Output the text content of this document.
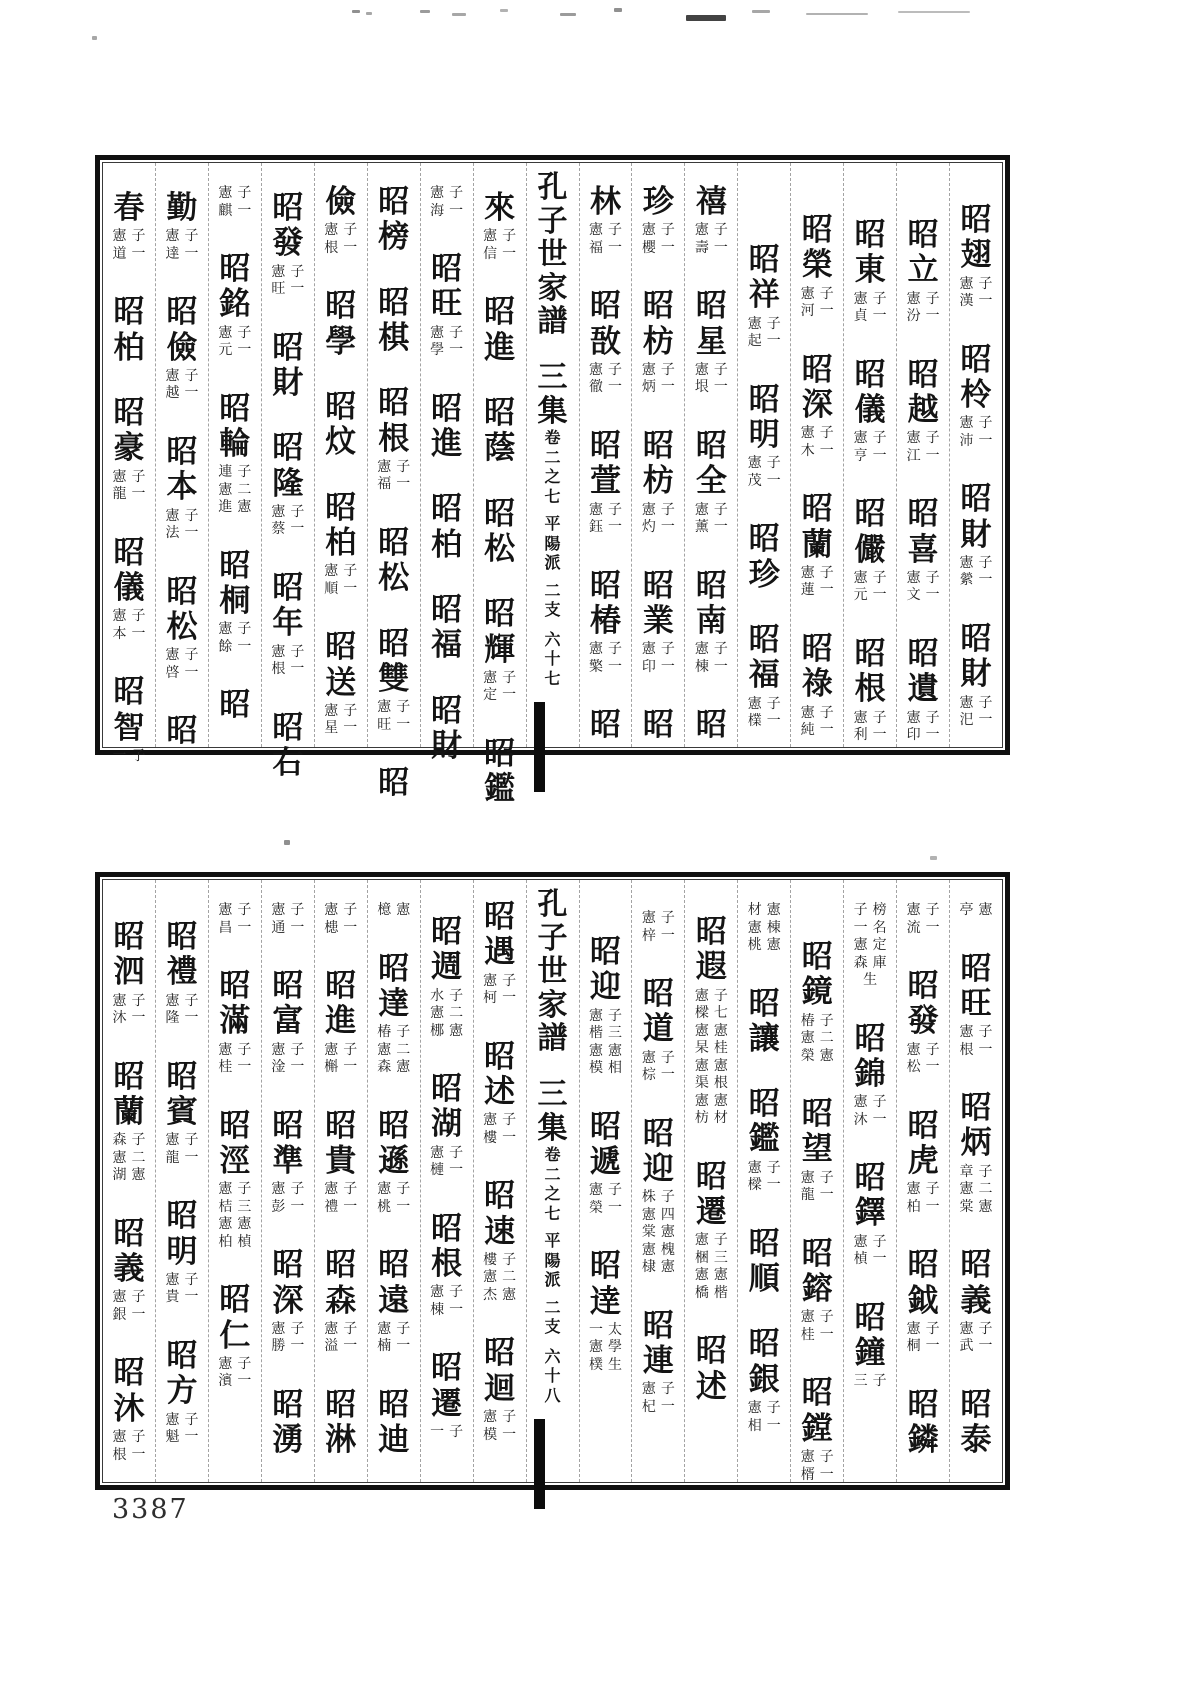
昭
翅
憲子
漢一
昭
柃
憲子
沛一
昭
財
憲子
縈一
昭
財
憲子
汜一
昭
立
憲子
汾一
昭
越
憲子
江一
昭
喜
憲子
文一
昭
遺
憲子
印一
昭
東
憲子
貞一
昭
儀
憲子
亨一
昭
儼
憲子
元一
昭
根
憲子
利一
昭
榮
憲子
河一
昭
深
憲子
木一
昭
蘭
憲子
蓮一
昭
祿
憲子
純一
昭
祥
憲子
起一
昭
明
憲子
茂一
昭
珍
昭
福
憲子
檏一
禧
憲子
壽一
昭
星
憲子
垠一
昭
全
憲子
薰一
昭
南
憲子
棟一
昭
珍
憲子
櫻一
昭
枋
憲子
炳一
昭
枋
憲子
灼一
昭
業
憲子
印一
昭
林
憲子
福一
昭
敔
憲子
徹一
昭
萱
憲子
鈺一
昭
椿
憲子
檠一
昭
孔
子
世
家
譜
三
集
卷
二
之
七
平
陽
派
二
支
六
十
七
來
憲子
信一
昭
進
昭
蔭
昭
松
昭
輝
憲子
定一
昭
鑑
憲子
海一
昭
旺
憲子
學一
昭
進
昭
柏
昭
福
昭
財
昭
榜
昭
棋
昭
根
憲子
福一
昭
松
昭
雙
憲子
旺一
昭
儉
憲子
根一
昭
學
昭
炆
昭
柏
憲子
順一
昭
送
憲子
星一
昭
發
憲子
旺一
昭
財
昭
隆
憲子
蔡一
昭
年
憲子
根一
昭
右
憲子
麒一
昭
銘
憲子
元一
昭
輪
連子
憲二
進憲
昭
桐
憲子
餘一
昭
勤
憲子
達一
昭
儉
憲子
越一
昭
本
憲子
法一
昭
松
憲子
啓一
昭
春
憲子
道一
昭
柏
昭
豪
憲子
龍一
昭
儀
憲子
本一
昭
智
一子
亭憲
昭
旺
憲子
根一
昭
炳
章子
憲二
棠憲
昭
義
憲子
武一
昭
泰
憲子
流一
昭
發
憲子
松一
昭
虎
憲子
柏一
昭
鉞
憲子
桐一
昭
鏻
子榜
一名
憲定
森庫
生
昭
錦
憲子
沐一
昭
鐸
憲子
楨一
昭
鐘
三子
昭
鏡
椿子
憲二
榮憲
昭
望
憲子
龍一
昭
鎔
憲子
桂一
昭
鏜
憲子
楈一
材憲
憲棟
桃憲
昭
讓
昭
鑑
憲子
樑一
昭
順
昭
銀
憲子
相一
昭
遐
憲子
樑七
憲憲
杲桂
憲憲
渠根
憲憲
枋材
昭
遷
憲子
梱三
憲憲
橋楷
昭
述
憲子
梓一
昭
道
憲子
棕一
昭
迎
株子
憲四
棠憲
憲槐
棣憲
昭
連
憲子
杞一
昭
迎
憲子
楷三
憲憲
模相
昭
遞
憲子
榮一
昭
逹
一太
憲學
樸生
孔
子
世
家
譜
三
集
卷
二
之
七
平
陽
派
二
支
六
十
八
昭
遇
憲子
柯一
昭
述
憲子
樓一
昭
速
樓子
憲二
杰憲
昭
迴
憲子
模一
昭
週
水子
憲二
梛憲
昭
湖
憲子
槤一
昭
根
憲子
棟一
昭
遷
一子
檍憲
昭
達
椿子
憲二
森憲
昭
遜
憲子
桃一
昭
遠
憲子
楠一
昭
迪
憲子
槵一
昭
進
憲子
槲一
昭
貴
憲子
禮一
昭
森
憲子
溢一
昭
淋
憲子
通一
昭
富
憲子
淦一
昭
準
憲子
彭一
昭
深
憲子
勝一
昭
湧
憲子
昌一
昭
滿
憲子
桂一
昭
涇
憲子
桔三
憲憲
柏楨
昭
仁
憲子
濱一
昭
禮
憲子
隆一
昭
賓
憲子
龍一
昭
明
憲子
貴一
昭
方
憲子
魁一
昭
泗
憲子
沐一
昭
蘭
森子
憲二
湖憲
昭
義
憲子
銀一
昭
沐
憲子
根一
3387
